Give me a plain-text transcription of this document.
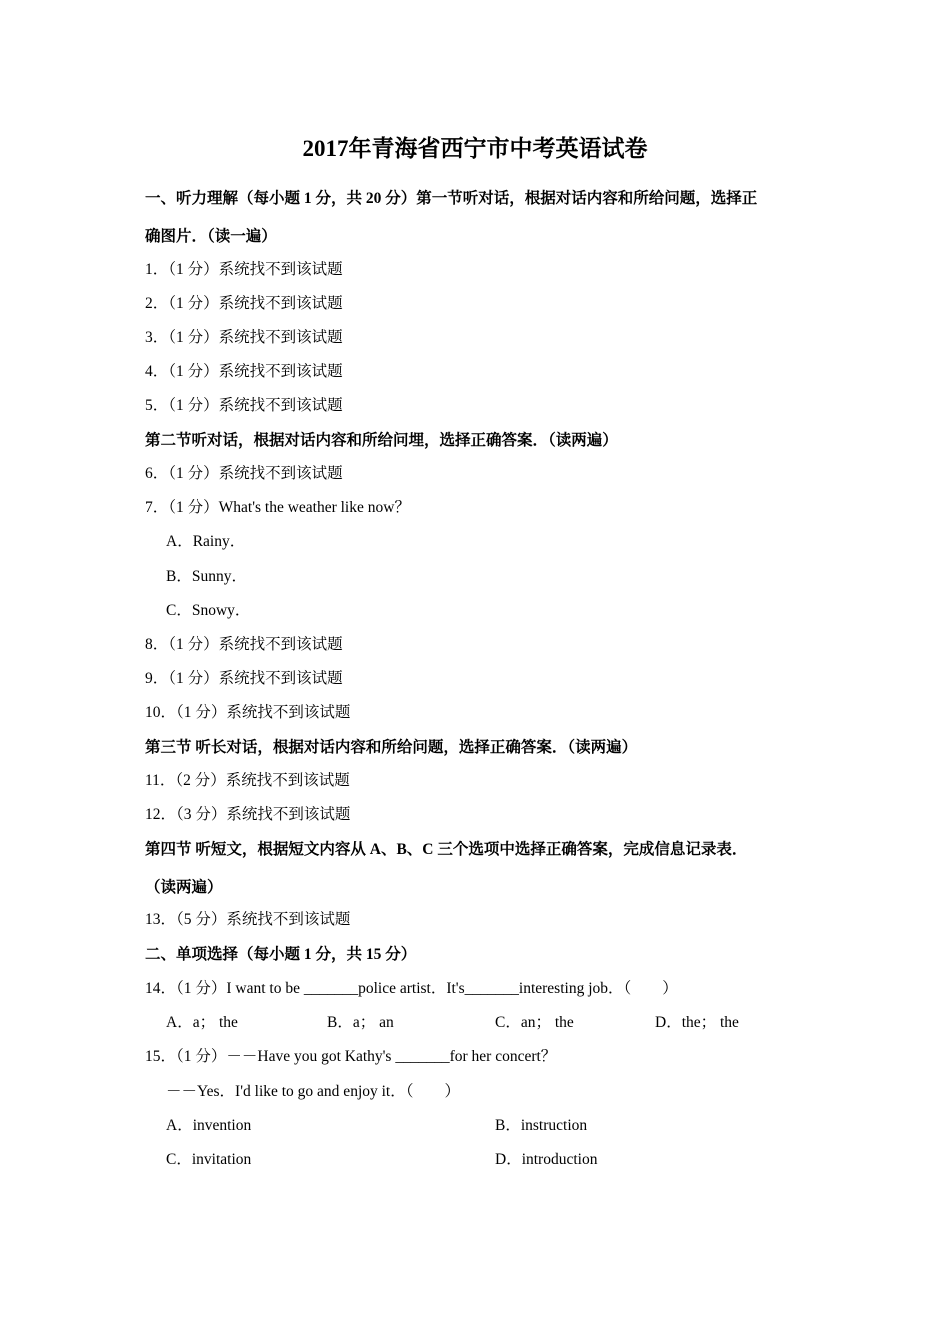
2017年青海省西宁市中考英语试卷
一、听力理解（每小题 1 分，共 20 分）第一节听对话，根据对话内容和所给问题，选择正
确图片．（读一遍）
1．（1 分）系统找不到该试题
2．（1 分）系统找不到该试题
3．（1 分）系统找不到该试题
4．（1 分）系统找不到该试题
5．（1 分）系统找不到该试题
第二节听对话，根据对话内容和所给问埋，选择正确答案．（读两遍）
6．（1 分）系统找不到该试题
7．（1 分）What's the weather like now？
A．Rainy．
B．Sunny．
C．Snowy．
8．（1 分）系统找不到该试题
9．（1 分）系统找不到该试题
10．（1 分）系统找不到该试题
第三节 听长对话，根据对话内容和所给问题，选择正确答案．（读两遍）
11．（2 分）系统找不到该试题
12．（3 分）系统找不到该试题
第四节 听短文，根据短文内容从 A、B、C 三个选项中选择正确答案，完成信息记录表．
（读两遍）
13．（5 分）系统找不到该试题
二、单项选择（每小题 1 分，共 15 分）
14．（1 分）I want to be _______police artist．It's_______interesting job．（　　）
A．a； the	B．a； an	C．an； the	D．the； the
15．（1 分）－－Have you got Kathy's _______for her concert？
－－Yes．I'd like to go and enjoy it．（　　）
A．invention	B．instruction
C．invitation	D．introduction
